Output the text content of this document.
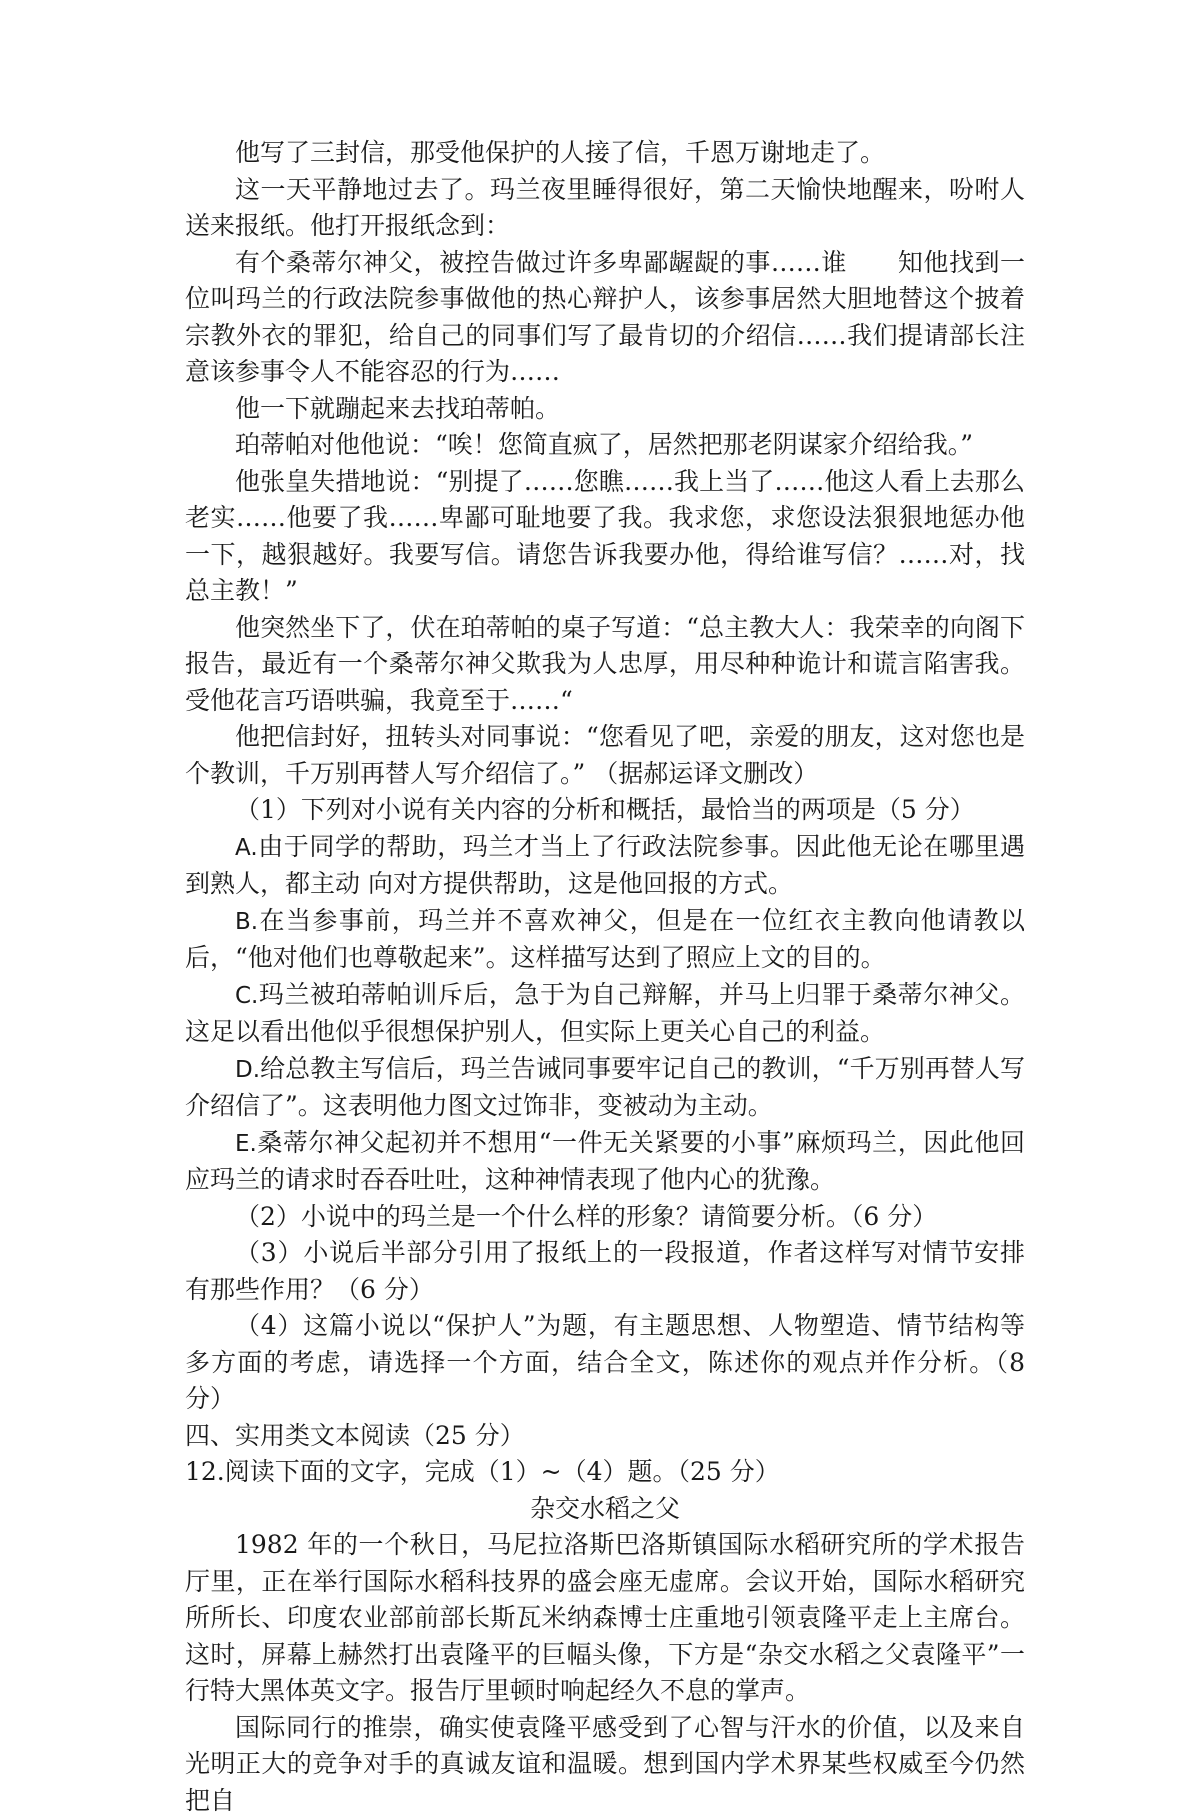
他写了三封信，那受他保护的人接了信，千恩万谢地走了。

这一天平静地过去了。玛兰夜里睡得很好，第二天愉快地醒来，吩咐人送来报纸。他打开报纸念到：

有个桑蒂尔神父，被控告做过许多卑鄙龌龊的事……谁　　知他找到一位叫玛兰的行政法院参事做他的热心辩护人，该参事居然大胆地替这个披着宗教外衣的罪犯，给自己的同事们写了最肯切的介绍信……我们提请部长注意该参事令人不能容忍的行为……

他一下就蹦起来去找珀蒂帕。

珀蒂帕对他他说：“唉！您简直疯了，居然把那老阴谋家介绍给我。”

他张皇失措地说：“别提了……您瞧……我上当了……他这人看上去那么老实……他要了我……卑鄙可耻地要了我。我求您，求您设法狠狠地惩办他一下，越狠越好。我要写信。请您告诉我要办他，得给谁写信？……对，找总主教！”

他突然坐下了，伏在珀蒂帕的桌子写道：“总主教大人：我荣幸的向阁下报告，最近有一个桑蒂尔神父欺我为人忠厚，用尽种种诡计和谎言陷害我。受他花言巧语哄骗，我竟至于……“

他把信封好，扭转头对同事说：“您看见了吧，亲爱的朋友，这对您也是个教训，千万别再替人写介绍信了。” （据郝运译文删改）

（1）下列对小说有关内容的分析和概括，最恰当的两项是（5 分）

A.由于同学的帮助，玛兰才当上了行政法院参事。因此他无论在哪里遇到熟人，都主动 向对方提供帮助，这是他回报的方式。

B.在当参事前，玛兰并不喜欢神父，但是在一位红衣主教向他请教以后，“他对他们也尊敬起来”。这样描写达到了照应上文的目的。

C.玛兰被珀蒂帕训斥后，急于为自己辩解，并马上归罪于桑蒂尔神父。这足以看出他似乎很想保护别人，但实际上更关心自己的利益。

D.给总教主写信后，玛兰告诫同事要牢记自己的教训，“千万别再替人写介绍信了”。这表明他力图文过饰非，变被动为主动。

E.桑蒂尔神父起初并不想用“一件无关紧要的小事”麻烦玛兰，因此他回应玛兰的请求时吞吞吐吐，这种神情表现了他内心的犹豫。

（2）小说中的玛兰是一个什么样的形象？请简要分析。（6 分）

（3）小说后半部分引用了报纸上的一段报道，作者这样写对情节安排有那些作用？（6 分）

（4）这篇小说以“保护人”为题，有主题思想、人物塑造、情节结构等多方面的考虑，请选择一个方面，结合全文，陈述你的观点并作分析。（8 分）

四、实用类文本阅读（25 分）

12.阅读下面的文字，完成（1）~（4）题。（25 分）

杂交水稻之父

1982 年的一个秋日，马尼拉洛斯巴洛斯镇国际水稻研究所的学术报告厅里，正在举行国际水稻科技界的盛会座无虚席。会议开始，国际水稻研究所所长、印度农业部前部长斯瓦米纳森博士庄重地引领袁隆平走上主席台。这时，屏幕上赫然打出袁隆平的巨幅头像，下方是“杂交水稻之父袁隆平”一行特大黑体英文字。报告厅里顿时响起经久不息的掌声。

国际同行的推崇，确实使袁隆平感受到了心智与汗水的价值，以及来自光明正大的竞争对手的真诚友谊和温暖。想到国内学术界某些权威至今仍然把自
